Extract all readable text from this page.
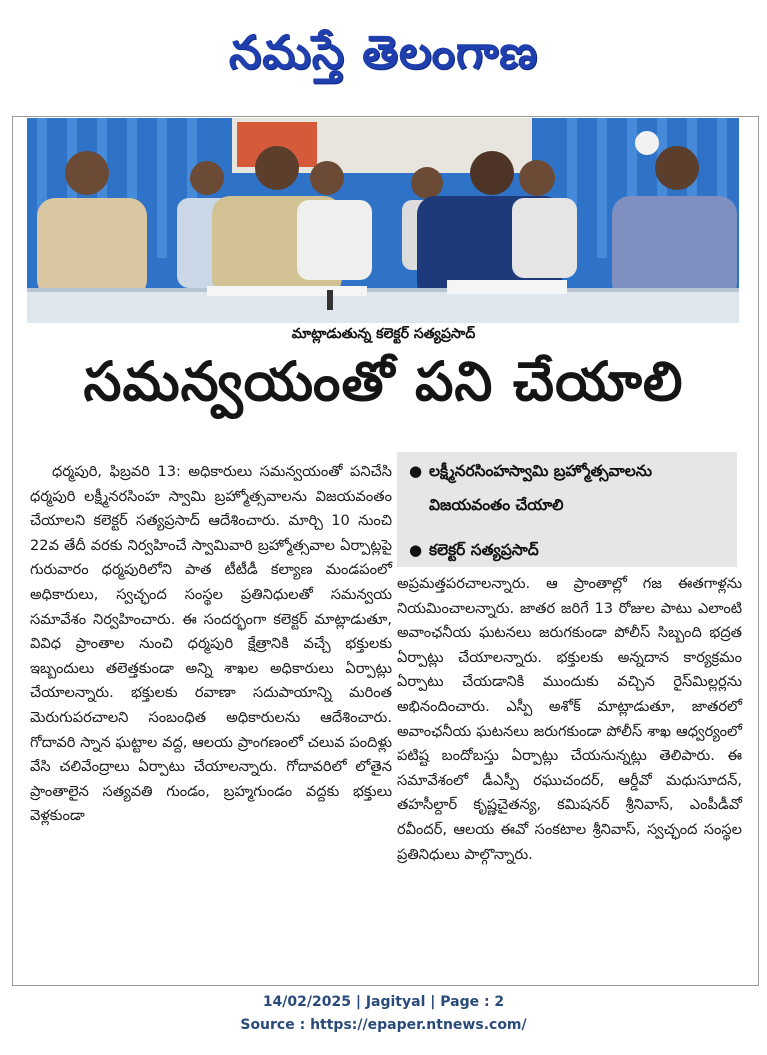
నమస్తే తెలంగాణ
మాట్లాడుతున్న కలెక్టర్‌ సత్యప్రసాద్‌
సమన్వయంతో పని చేయాలి

ధర్మపురి, ఫిబ్రవరి 13: అధికారులు సమన్వయంతో పనిచేసి ధర్మపురి లక్ష్మీనరసింహ స్వామి బ్రహ్మోత్సవాలను విజయవంతం చేయాలని కలెక్టర్‌ సత్యప్రసాద్‌ ఆదేశించారు. మార్చి 10 నుంచి 22వ తేదీ వరకు నిర్వహించే స్వామివారి బ్రహ్మోత్సవాల ఏర్పాట్లపై గురువారం ధర్మపురిలోని పాత టీటీడీ కల్యాణ మండపంలో అధికారులు, స్వచ్ఛంద సంస్థల ప్రతినిధులతో సమన్వయ సమావేశం నిర్వహించారు. ఈ సందర్భంగా కలెక్టర్‌ మాట్లాడుతూ, వివిధ ప్రాంతాల నుంచి ధర్మపురి క్షేత్రానికి వచ్చే భక్తులకు ఇబ్బందులు తలెత్తకుండా అన్ని శాఖల అధికారులు ఏర్పాట్లు చేయాలన్నారు. భక్తులకు రవాణా సదుపాయాన్ని మరింత మెరుగుపరచాలని సంబంధిత అధికారులను ఆదేశించారు. గోదావరి స్నాన ఘట్టాల వద్ద, ఆలయ ప్రాంగణంలో చలువ పందిళ్లు వేసి చలివేంద్రాలు ఏర్పాటు చేయాలన్నారు. గోదావరిలో లోతైన ప్రాంతాలైన సత్యవతి గుండం, బ్రహ్మగుండం వద్దకు భక్తులు వెళ్లకుండా

● లక్ష్మీనరసింహస్వామి బ్రహ్మోత్సవాలను
విజయవంతం చేయాలి
● కలెక్టర్‌ సత్యప్రసాద్‌

అప్రమత్తపరచాలన్నారు. ఆ ప్రాంతాల్లో గజ ఈతగాళ్లను నియమించాలన్నారు. జాతర జరిగే 13 రోజుల పాటు ఎలాంటి అవాంఛనీయ ఘటనలు జరుగకుండా పోలీస్‌ సిబ్బంది భద్రత ఏర్పాట్లు చేయాలన్నారు. భక్తులకు అన్నదాన కార్యక్రమం ఏర్పాటు చేయడానికి ముందుకు వచ్చిన రైస్‌మిల్లర్లను అభినందించారు. ఎస్పీ అశోక్‌ మాట్లాడుతూ, జాతరలో అవాంఛనీయ ఘటనలు జరుగకుండా పోలీస్‌ శాఖ ఆధ్వర్యంలో పటిష్ట బందోబస్తు ఏర్పాట్లు చేయనున్నట్లు తెలిపారు. ఈ సమావేశంలో డీఎస్పీ రఘుచందర్‌, ఆర్డీవో మధుసూదన్‌, తహసీల్దార్‌ కృష్ణచైతన్య, కమిషనర్‌ శ్రీనివాస్‌, ఎంపీడీవో రవీందర్‌, ఆలయ ఈవో సంకటాల శ్రీనివాస్‌, స్వచ్ఛంద సంస్థల ప్రతినిధులు పాల్గొన్నారు.

14/02/2025 | Jagityal | Page : 2
Source : https://epaper.ntnews.com/
